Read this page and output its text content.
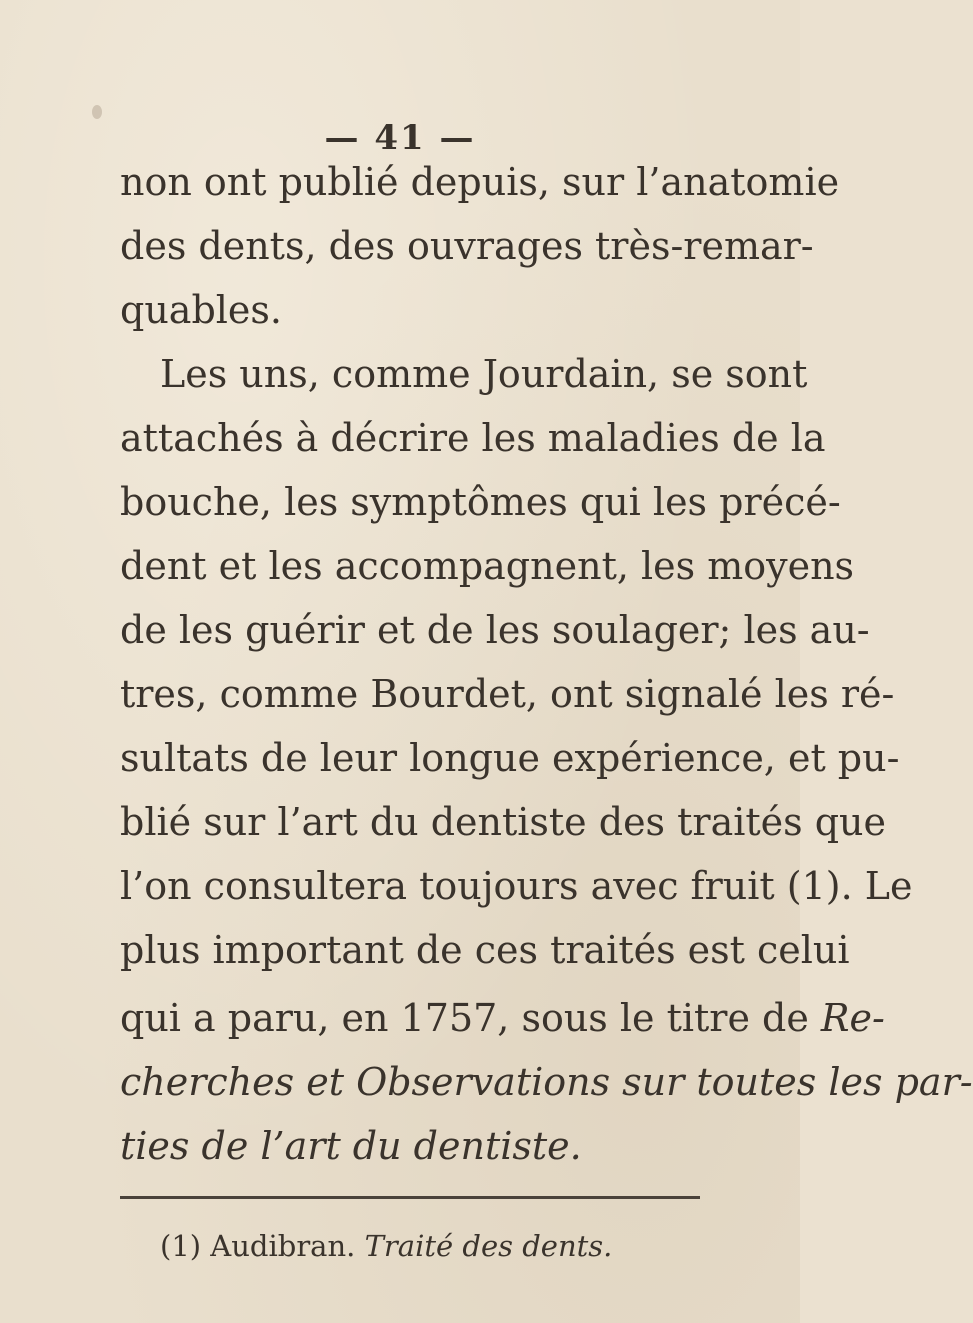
— 41 —
non ont publié depuis, sur l’anatomie
des dents, des ouvrages très-remar-
quables.
Les uns, comme Jourdain, se sont
attachés à décrire les maladies de la
bouche, les symptômes qui les précé-
dent et les accompagnent, les moyens
de les guérir et de les soulager; les au-
tres, comme Bourdet, ont signalé les ré-
sultats de leur longue expérience, et pu-
blié sur l’art du dentiste des traités que
l’on consultera toujours avec fruit (1). Le
plus important de ces traités est celui
qui a paru, en 1757, sous le titre de Re-
cherches et Observations sur toutes les par-
ties de l’art du dentiste.
(1) Audibran. Traité des dents.
